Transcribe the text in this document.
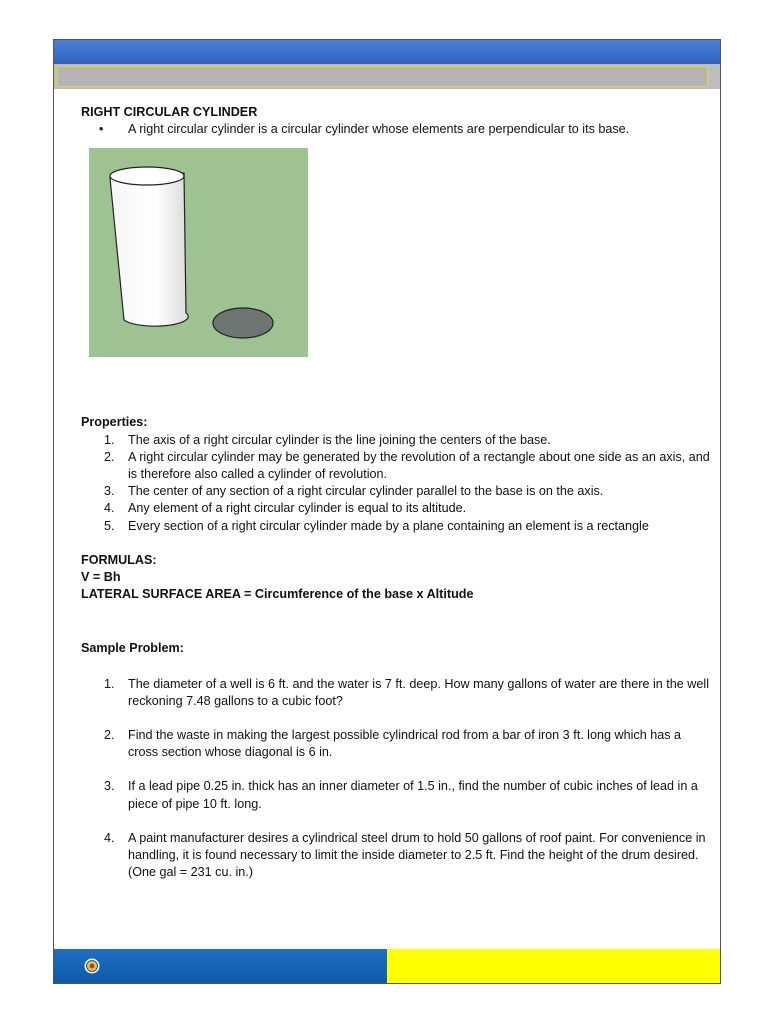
RIGHT CIRCULAR CYLINDER
• A right circular cylinder is a circular cylinder whose elements are perpendicular to its base.
Properties:
1. The axis of a right circular cylinder is the line joining the centers of the base.
2. A right circular cylinder may be generated by the revolution of a rectangle about one side as an axis, and is therefore also called a cylinder of revolution.
3. The center of any section of a right circular cylinder parallel to the base is on the axis.
4. Any element of a right circular cylinder is equal to its altitude.
5. Every section of a right circular cylinder made by a plane containing an element is a rectangle
FORMULAS:
V = Bh
LATERAL SURFACE AREA = Circumference of the base x Altitude
Sample Problem:
1. The diameter of a well is 6 ft. and the water is 7 ft. deep. How many gallons of water are there in the well reckoning 7.48 gallons to a cubic foot?
2. Find the waste in making the largest possible cylindrical rod from a bar of iron 3 ft. long which has a cross section whose diagonal is 6 in.
3. If a lead pipe 0.25 in. thick has an inner diameter of 1.5 in., find the number of cubic inches of lead in a piece of pipe 10 ft. long.
4. A paint manufacturer desires a cylindrical steel drum to hold 50 gallons of roof paint. For convenience in handling, it is found necessary to limit the inside diameter to 2.5 ft. Find the height of the drum desired. (One gal = 231 cu. in.)
